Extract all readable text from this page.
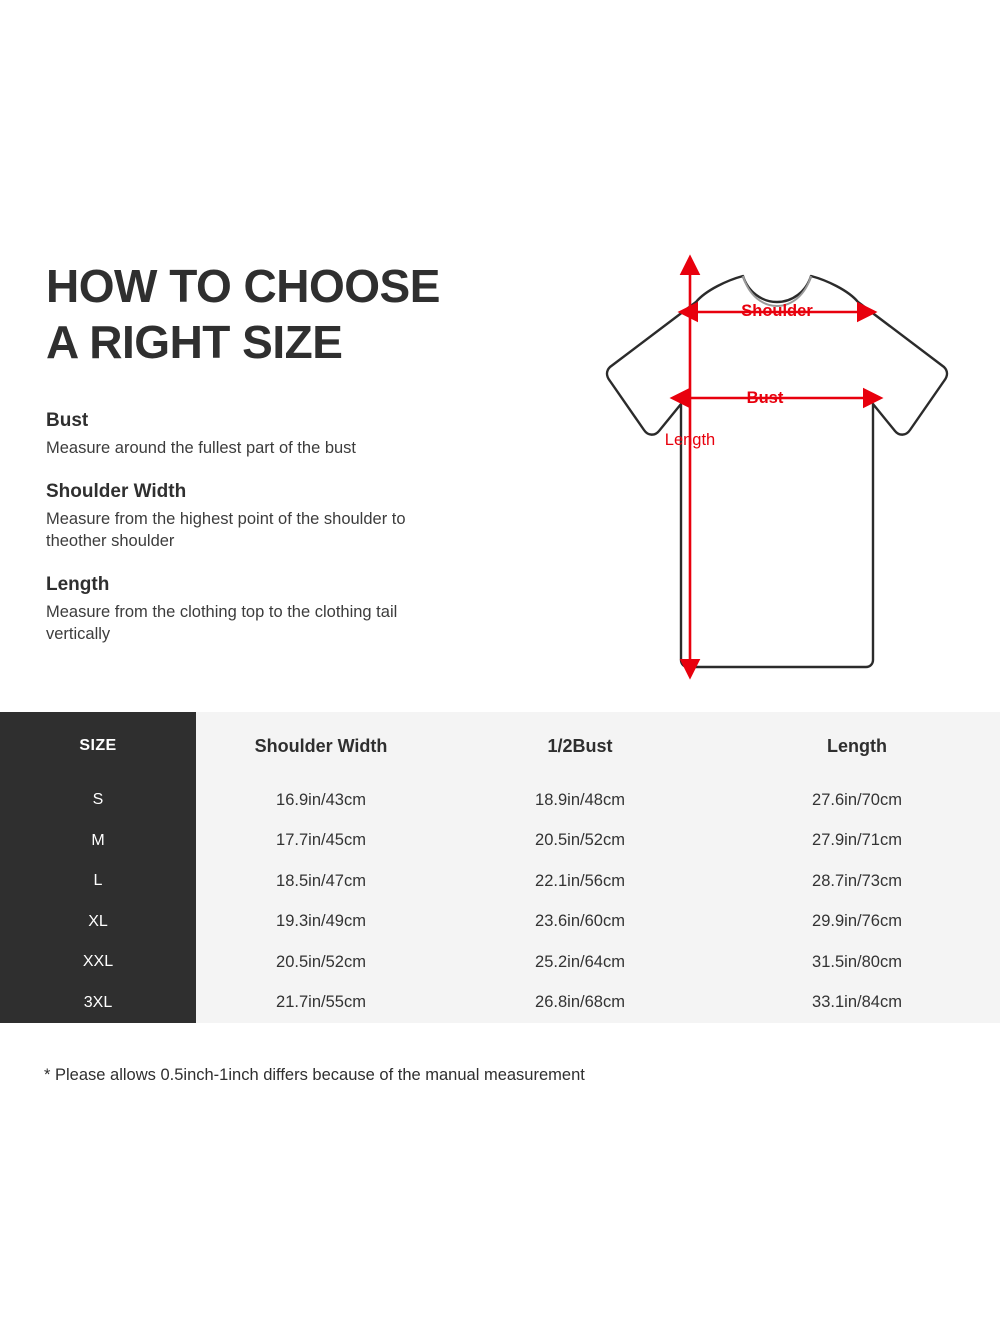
HOW TO CHOOSE
A RIGHT SIZE
Bust

Measure around the fullest part of the bust

Shoulder Width

Measure from the highest point of the shoulder to theother shoulder

Length

Measure from the clothing top to the clothing tail vertically

Shoulder
Bust
Length
SIZE	Shoulder Width	1/2Bust	Length
S	16.9in/43cm	18.9in/48cm	27.6in/70cm
M	17.7in/45cm	20.5in/52cm	27.9in/71cm
L	18.5in/47cm	22.1in/56cm	28.7in/73cm
XL	19.3in/49cm	23.6in/60cm	29.9in/76cm
XXL	20.5in/52cm	25.2in/64cm	31.5in/80cm
3XL	21.7in/55cm	26.8in/68cm	33.1in/84cm
* Please allows 0.5inch-1inch differs because of the manual measurement
